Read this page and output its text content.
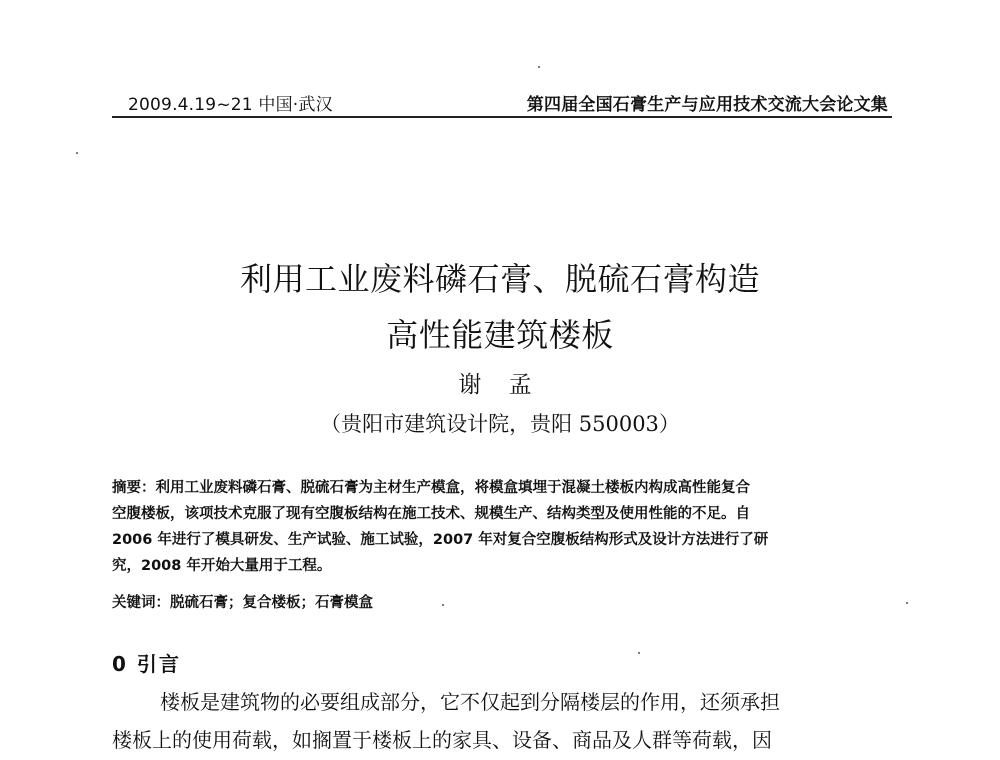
2009.4.19~21 中国·武汉	第四届全国石膏生产与应用技术交流大会论文集
利用工业废料磷石膏、脱硫石膏构造
高性能建筑楼板
谢 孟
（贵阳市建筑设计院，贵阳 550003）
摘要：利用工业废料磷石膏、脱硫石膏为主材生产模盒，将模盒填埋于混凝土楼板内构成高性能复合
空腹楼板，该项技术克服了现有空腹板结构在施工技术、规模生产、结构类型及使用性能的不足。自
2006 年进行了模具研发、生产试验、施工试验，2007 年对复合空腹板结构形式及设计方法进行了研
究，2008 年开始大量用于工程。
关键词：脱硫石膏；复合楼板；石膏模盒
0 引言
楼板是建筑物的必要组成部分，它不仅起到分隔楼层的作用，还须承担
楼板上的使用荷载，如搁置于楼板上的家具、设备、商品及人群等荷载，因
